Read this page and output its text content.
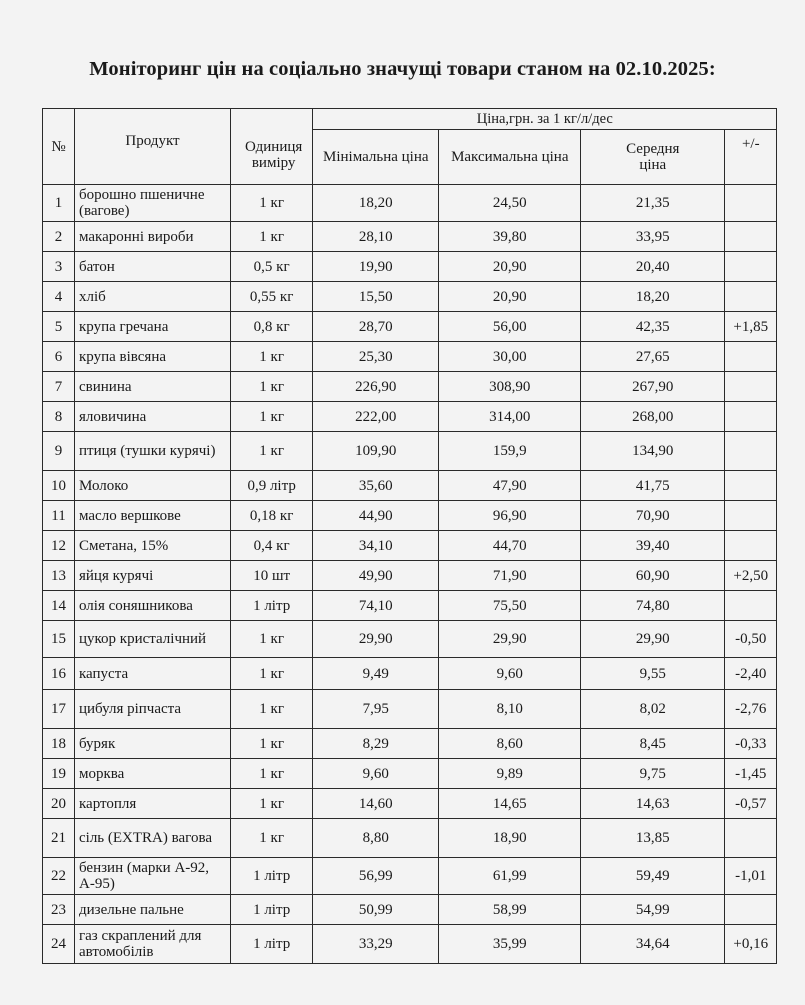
Моніторинг цін на соціально значущі товари станом на 02.10.2025:
№	Продукт	Одиниця виміру	Ціна,грн. за 1 кг/л/дес			
			Мінімальна ціна	Максимальна ціна	Середня ціна	+/-
1	борошно пшеничне (вагове)	1 кг	18,20	24,50	21,35	
2	макаронні вироби	1 кг	28,10	39,80	33,95	
3	батон	0,5 кг	19,90	20,90	20,40	
4	хліб	0,55 кг	15,50	20,90	18,20	
5	крупа гречана	0,8 кг	28,70	56,00	42,35	+1,85
6	крупа вівсяна	1 кг	25,30	30,00	27,65	
7	свинина	1 кг	226,90	308,90	267,90	
8	яловичина	1 кг	222,00	314,00	268,00	
9	птиця (тушки курячі)	1 кг	109,90	159,9	134,90	
10	Молоко	0,9 літр	35,60	47,90	41,75	
11	масло вершкове	0,18 кг	44,90	96,90	70,90	
12	Сметана, 15%	0,4 кг	34,10	44,70	39,40	
13	яйця курячі	10 шт	49,90	71,90	60,90	+2,50
14	олія соняшникова	1 літр	74,10	75,50	74,80	
15	цукор кристалічний	1 кг	29,90	29,90	29,90	-0,50
16	капуста	1 кг	9,49	9,60	9,55	-2,40
17	цибуля ріпчаста	1 кг	7,95	8,10	8,02	-2,76
18	буряк	1 кг	8,29	8,60	8,45	-0,33
19	морква	1 кг	9,60	9,89	9,75	-1,45
20	картопля	1 кг	14,60	14,65	14,63	-0,57
21	сіль (EXTRA) вагова	1 кг	8,80	18,90	13,85	
22	бензин (марки А-92, А-95)	1 літр	56,99	61,99	59,49	-1,01
23	дизельне пальне	1 літр	50,99	58,99	54,99	
24	газ скраплений для автомобілів	1 літр	33,29	35,99	34,64	+0,16
